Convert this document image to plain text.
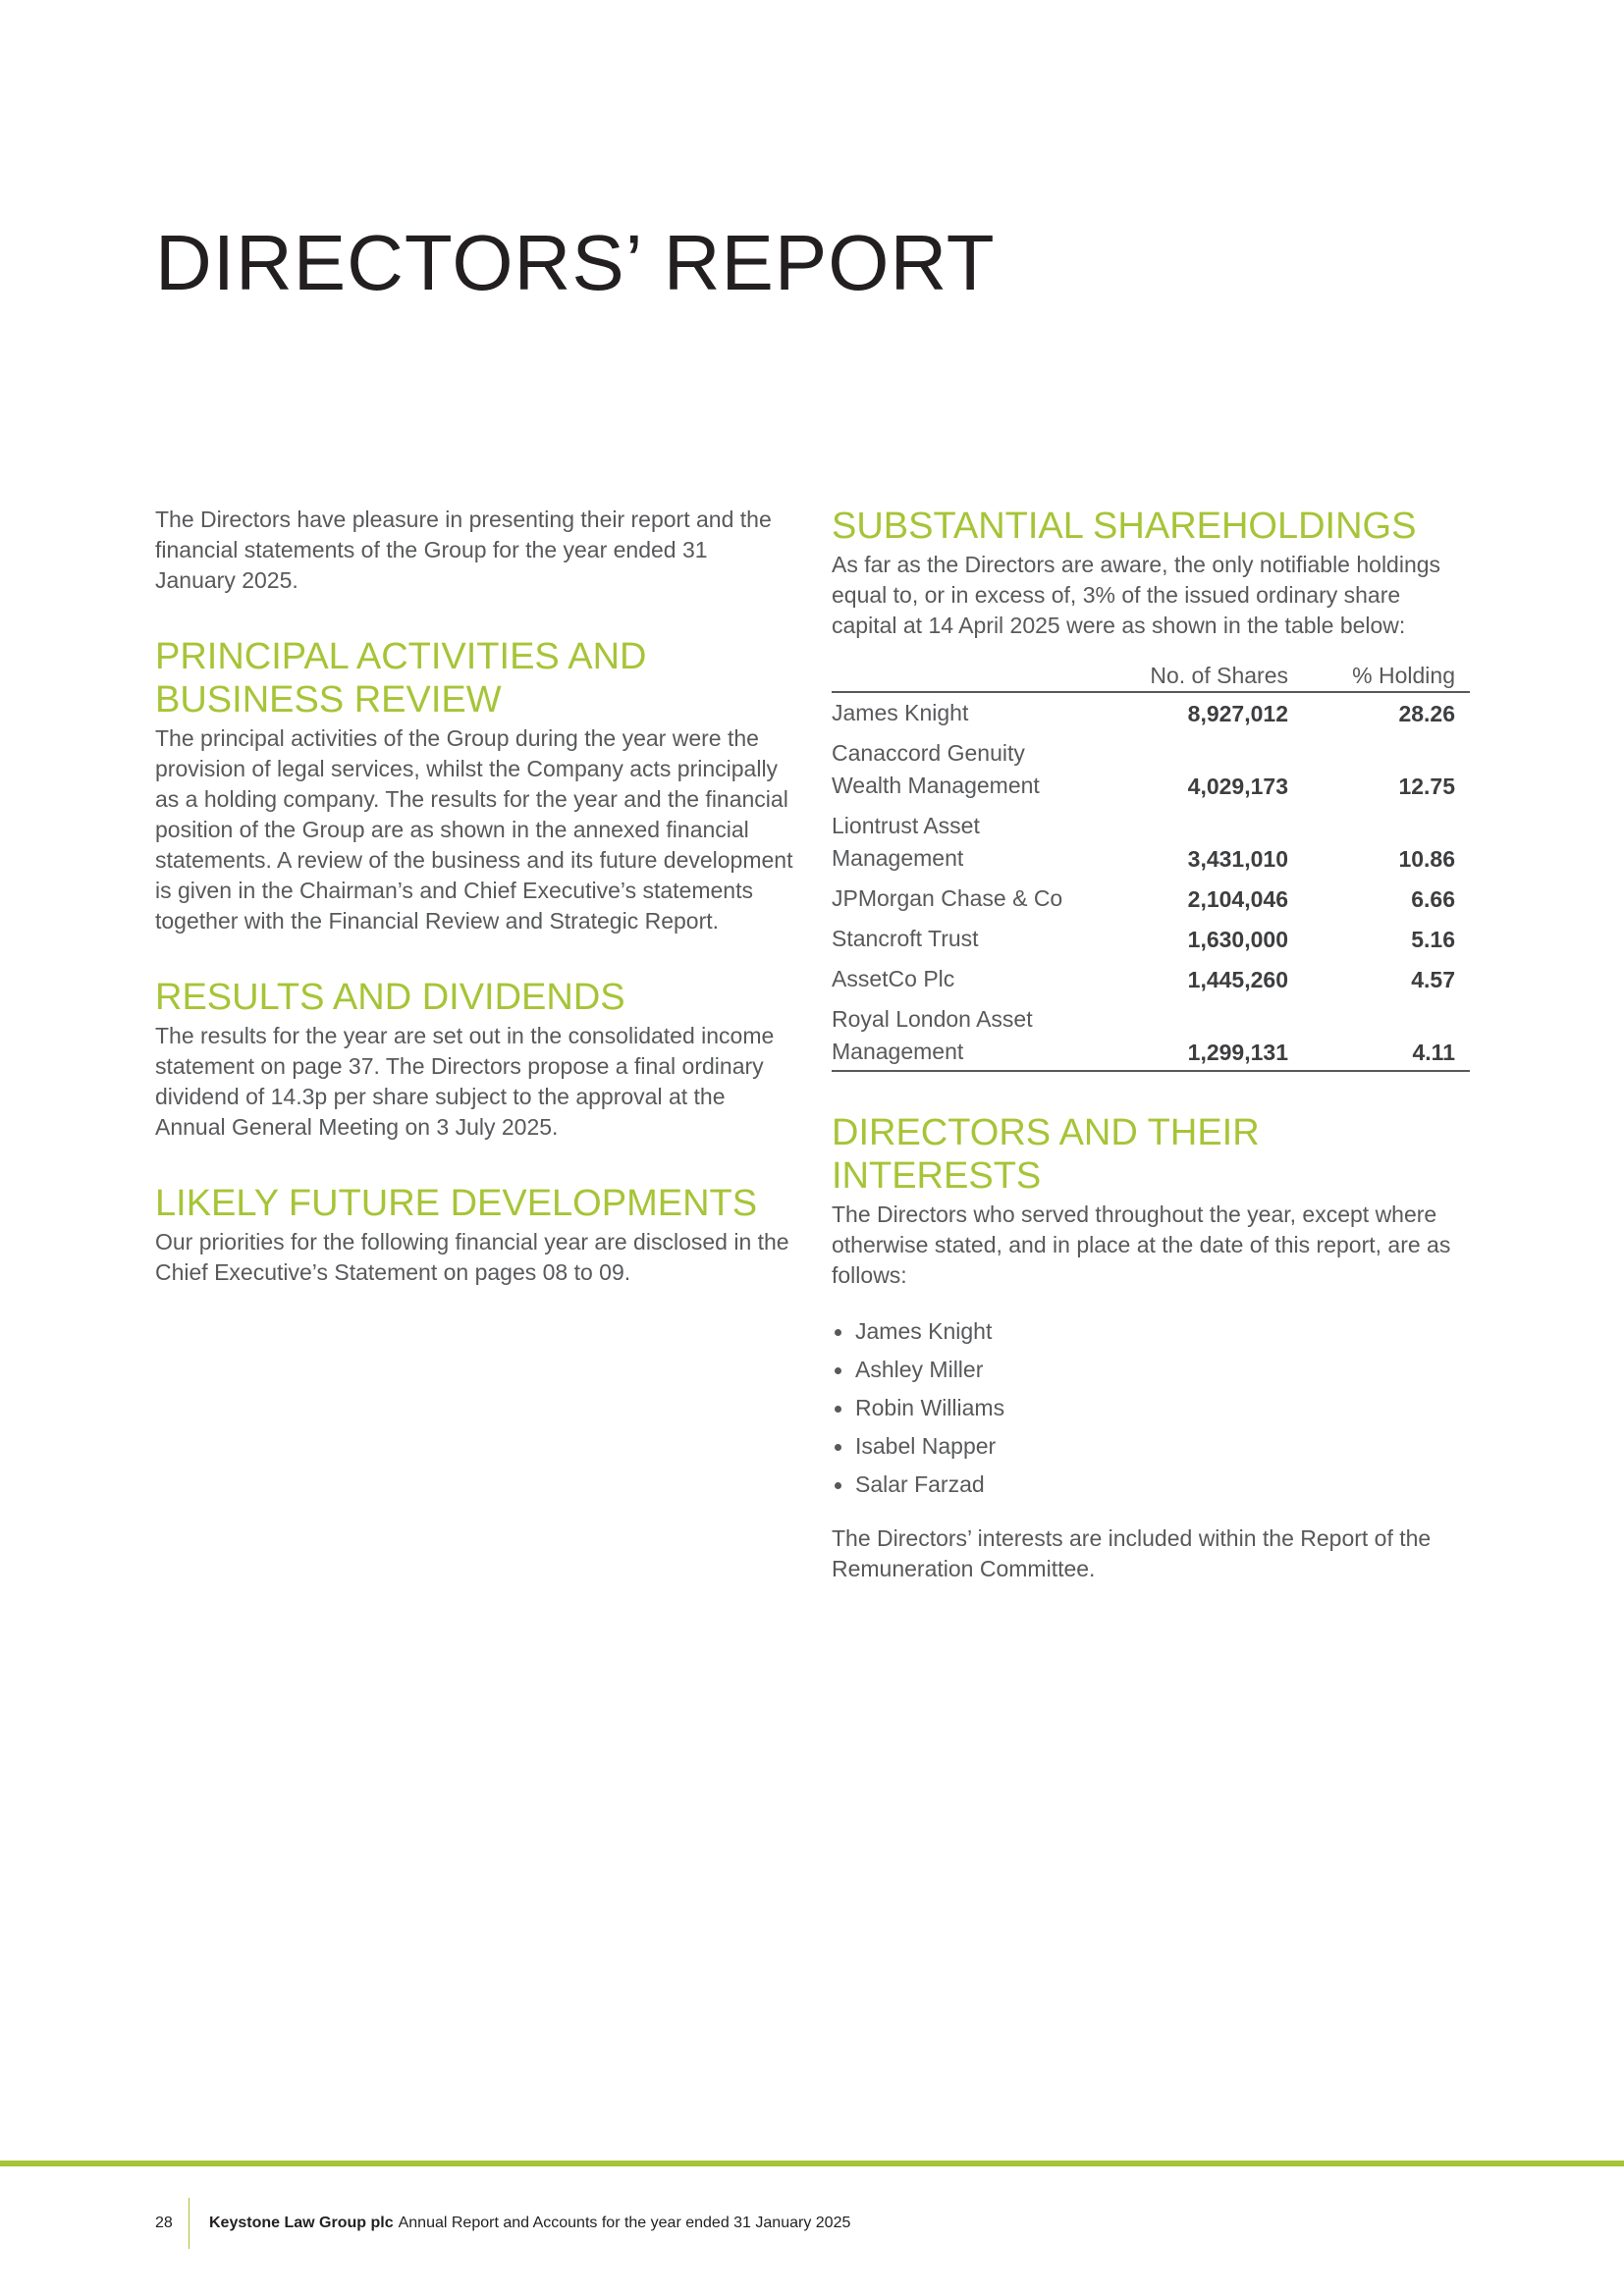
DIRECTORS’ REPORT

The Directors have pleasure in presenting their report and the financial statements of the Group for the year ended 31 January 2025.

PRINCIPAL ACTIVITIES AND BUSINESS REVIEW

The principal activities of the Group during the year were the provision of legal services, whilst the Company acts principally as a holding company. The results for the year and the financial position of the Group are as shown in the annexed financial statements. A review of the business and its future development is given in the Chairman’s and Chief Executive’s statements together with the Financial Review and Strategic Report.

RESULTS AND DIVIDENDS

The results for the year are set out in the consolidated income statement on page 37. The Directors propose a final ordinary dividend of 14.3p per share subject to the approval at the Annual General Meeting on 3 July 2025.

LIKELY FUTURE DEVELOPMENTS

Our priorities for the following financial year are disclosed in the Chief Executive’s Statement on pages 08 to 09.

SUBSTANTIAL SHAREHOLDINGS

As far as the Directors are aware, the only notifiable holdings equal to, or in excess of, 3% of the issued ordinary share capital at 14 April 2025 were as shown in the table below:

	No. of Shares	% Holding
James Knight	8,927,012	28.26
Canaccord Genuity Wealth Management	4,029,173	12.75
Liontrust Asset Management	3,431,010	10.86
JPMorgan Chase & Co	2,104,046	6.66
Stancroft Trust	1,630,000	5.16
AssetCo Plc	1,445,260	4.57
Royal London Asset Management	1,299,131	4.11
DIRECTORS AND THEIR INTERESTS

The Directors who served throughout the year, except where otherwise stated, and in place at the date of this report, are as follows:

James Knight
Ashley Miller
Robin Williams
Isabel Napper
Salar Farzad

The Directors’ interests are included within the Report of the Remuneration Committee.

28	Keystone Law Group plc Annual Report and Accounts for the year ended 31 January 2025
